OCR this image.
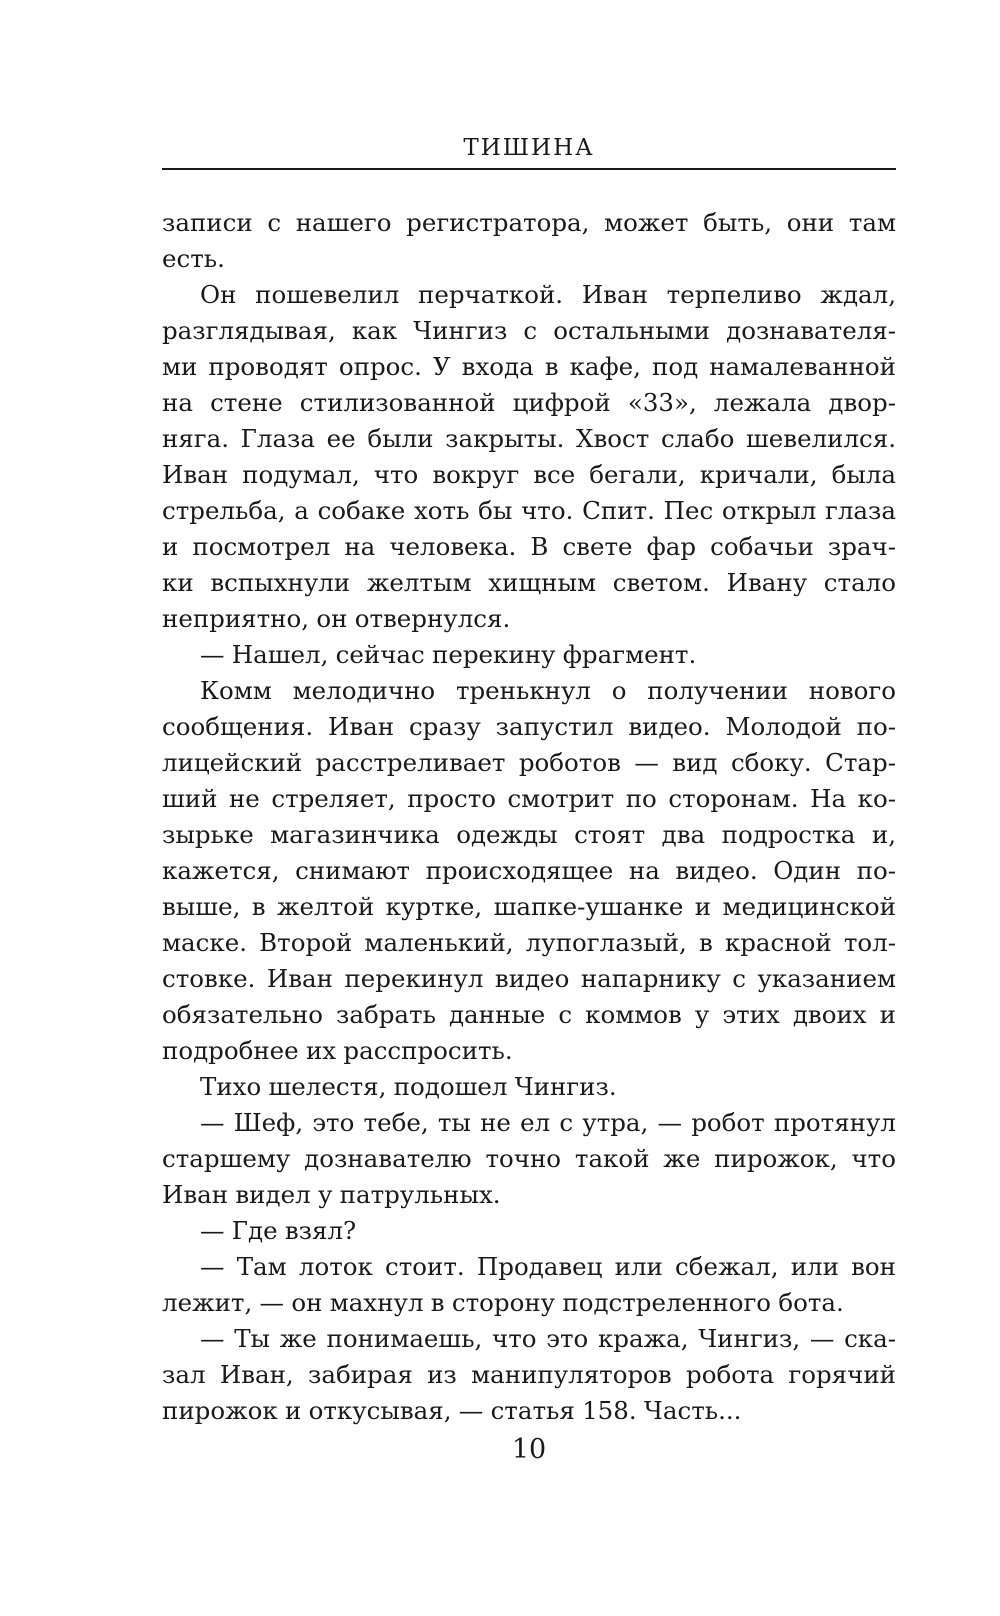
ТИШИНА
записи с нашего регистратора, может быть, они там
есть.
Он пошевелил перчаткой. Иван терпеливо ждал,
разглядывая, как Чингиз с остальными дознавателя-
ми проводят опрос. У входа в кафе, под намалеванной
на стене стилизованной цифрой «33», лежала двор-
няга. Глаза ее были закрыты. Хвост слабо шевелился.
Иван подумал, что вокруг все бегали, кричали, была
стрельба, а собаке хоть бы что. Спит. Пес открыл глаза
и посмотрел на человека. В свете фар собачьи зрач-
ки вспыхнули желтым хищным светом. Ивану стало
неприятно, он отвернулся.
— Нашел, сейчас перекину фрагмент.
Комм мелодично тренькнул о получении нового
сообщения. Иван сразу запустил видео. Молодой по-
лицейский расстреливает роботов — вид сбоку. Стар-
ший не стреляет, просто смотрит по сторонам. На ко-
зырьке магазинчика одежды стоят два подростка и,
кажется, снимают происходящее на видео. Один по-
выше, в желтой куртке, шапке-ушанке и медицинской
маске. Второй маленький, лупоглазый, в красной тол-
стовке. Иван перекинул видео напарнику с указанием
обязательно забрать данные с коммов у этих двоих и
подробнее их расспросить.
Тихо шелестя, подошел Чингиз.
— Шеф, это тебе, ты не ел с утра, — робот протянул
старшему дознавателю точно такой же пирожок, что
Иван видел у патрульных.
— Где взял?
— Там лоток стоит. Продавец или сбежал, или вон
лежит, — он махнул в сторону подстреленного бота.
— Ты же понимаешь, что это кража, Чингиз, — ска-
зал Иван, забирая из манипуляторов робота горячий
пирожок и откусывая, — статья 158. Часть...
10
